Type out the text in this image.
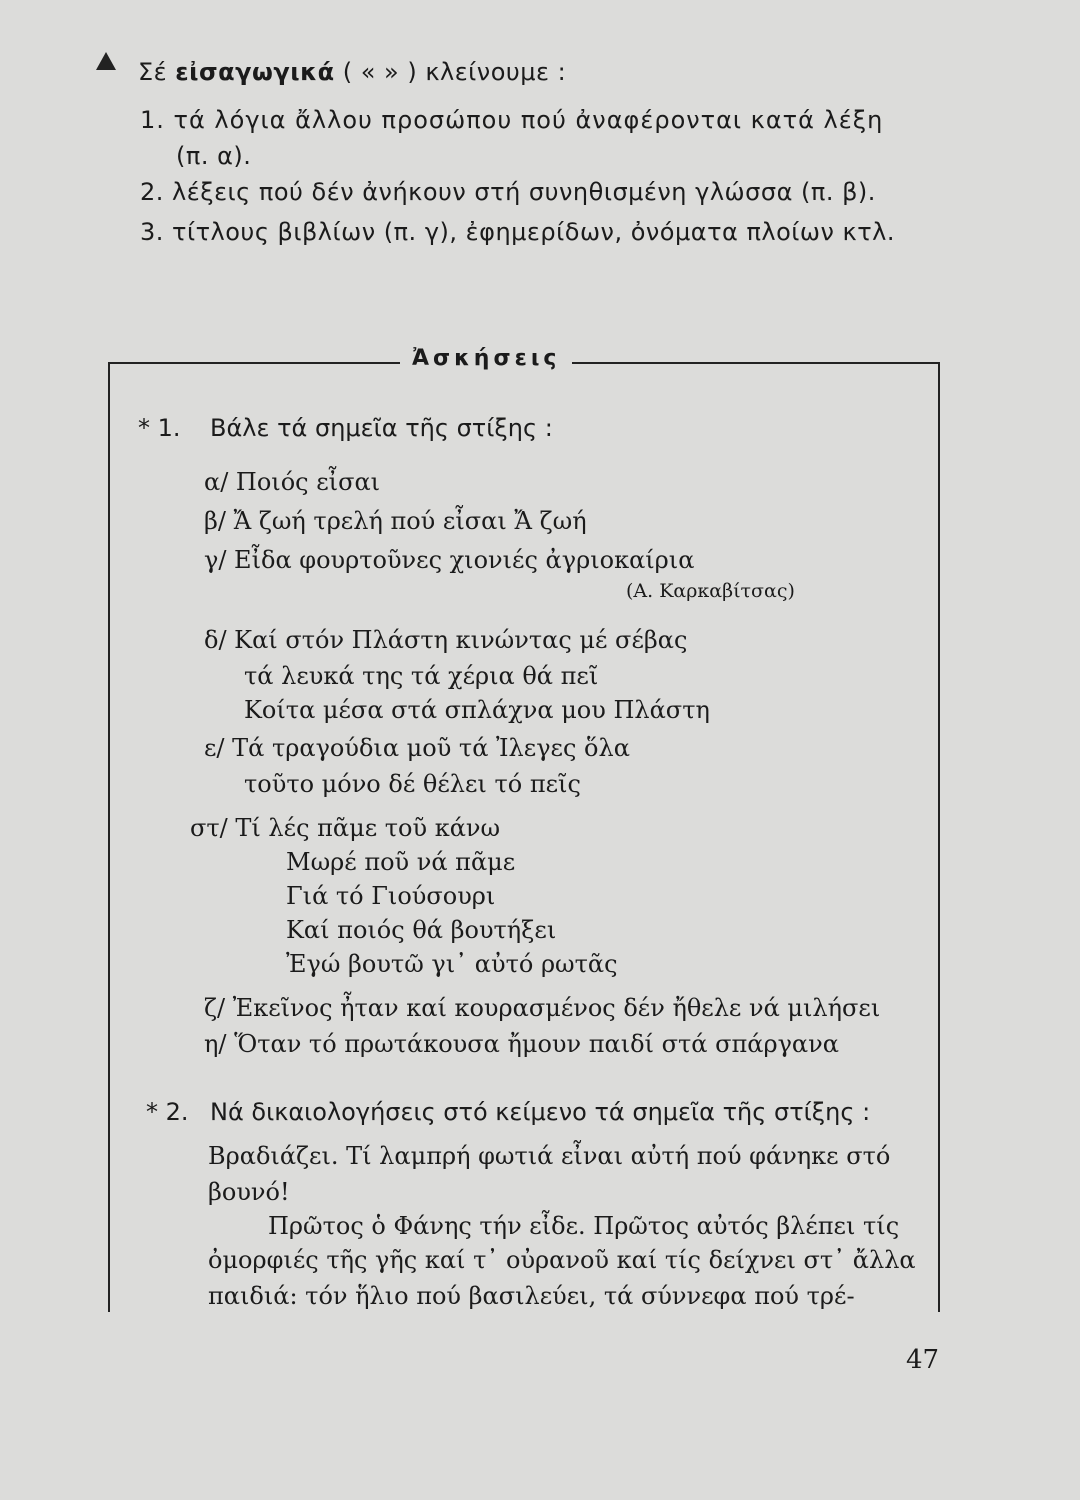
Σέ εἰσαγωγικά ( « » ) κλείνουμε :
1. τά λόγια ἄλλου προσώπου πού ἀναφέρονται κατά λέξη
(π. α).
2. λέξεις πού δέν ἀνήκουν στή συνηθισμένη γλώσσα (π. β).
3. τίτλους βιβλίων (π. γ), ἐφημερίδων, ὀνόματα πλοίων κτλ.
Ἀσκήσεις
* 1. Βάλε τά σημεῖα τῆς στίξης :
α/ Ποιός εἶσαι
β/ Ἄ ζωή τρελή πού εἶσαι Ἄ ζωή
γ/ Εἶδα φουρτοῦνες χιονιές ἀγριοκαίρια
(Α. Καρκαβίτσας)
δ/ Καί στόν Πλάστη κινώντας μέ σέβας
τά λευκά της τά χέρια θά πεῖ
Κοίτα μέσα στά σπλάχνα μου Πλάστη
ε/ Τά τραγούδια μοῦ τά Ἰλεγες ὅλα
τοῦτο μόνο δέ θέλει τό πεῖς
στ/ Τί λές πᾶμε τοῦ κάνω
Μωρέ ποῦ νά πᾶμε
Γιά τό Γιούσουρι
Καί ποιός θά βουτήξει
Ἐγώ βουτῶ γι᾽ αὐτό ρωτᾶς
ζ/ Ἐκεῖνος ἦταν καί κουρασμένος δέν ἤθελε νά μιλήσει
η/ Ὅταν τό πρωτάκουσα ἤμουν παιδί στά σπάργανα
* 2. Νά δικαιολογήσεις στό κείμενο τά σημεῖα τῆς στίξης :
Βραδιάζει. Τί λαμπρή φωτιά εἶναι αὐτή πού φάνηκε στό
βουνό!
Πρῶτος ὁ Φάνης τήν εἶδε. Πρῶτος αὐτός βλέπει τίς
ὀμορφιές τῆς γῆς καί τ᾽ οὐρανοῦ καί τίς δείχνει στ᾽ ἄλλα
παιδιά: τόν ἥλιο πού βασιλεύει, τά σύννεφα πού τρέ-
47
